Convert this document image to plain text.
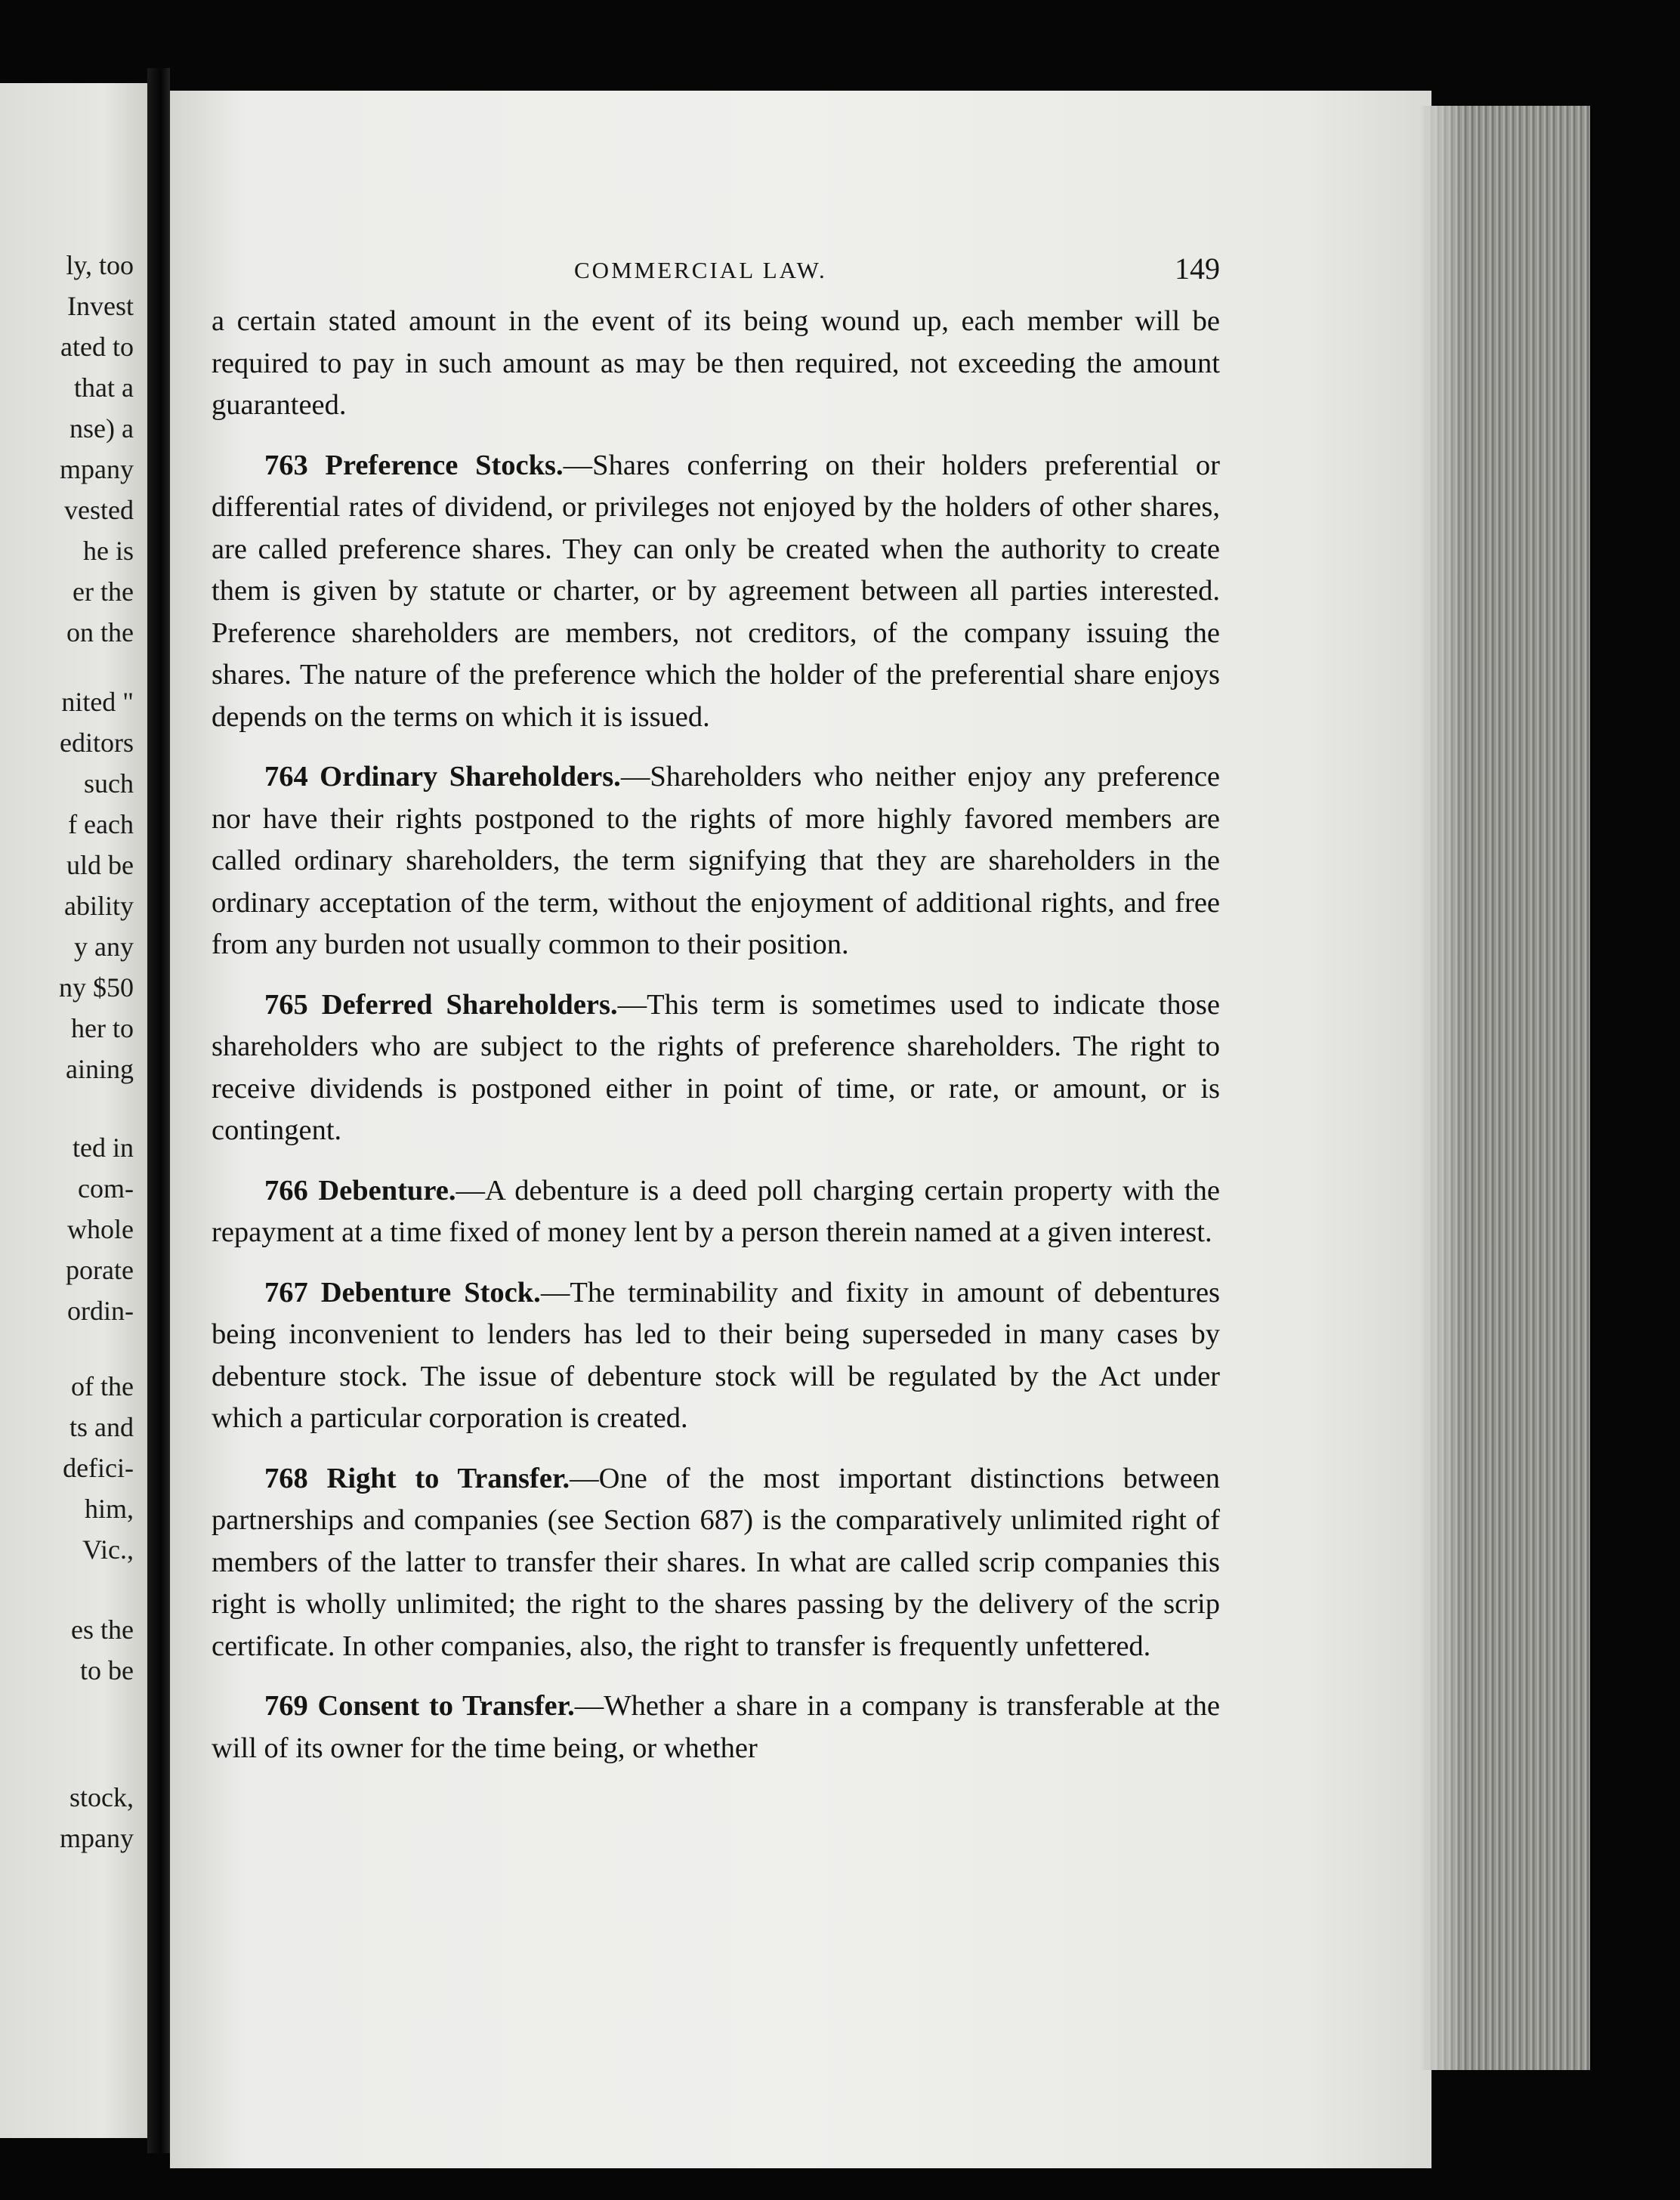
ly, too
Invest
ated to
that a
nse) a
mpany
vested
he is
er the
on the
nited "
editors
such
f each
uld be
ability
y any
ny $50
her to
aining
ted in
com-
whole
porate
ordin-
of the
ts and
defici-
him,
Vic.,
es the
to be
stock,
mpany
COMMERCIAL LAW.	149

a certain stated amount in the event of its being wound up, each member will be required to pay in such amount as may be then required, not exceeding the amount guaranteed.

763 Preference Stocks.—Shares conferring on their holders preferential or differential rates of dividend, or privileges not enjoyed by the holders of other shares, are called preference shares. They can only be created when the authority to create them is given by statute or charter, or by agreement between all parties interested. Preference shareholders are members, not creditors, of the company issuing the shares. The nature of the preference which the holder of the preferential share enjoys depends on the terms on which it is issued.

764 Ordinary Shareholders.—Shareholders who neither enjoy any preference nor have their rights postponed to the rights of more highly favored members are called ordinary shareholders, the term signifying that they are shareholders in the ordinary acceptation of the term, without the enjoyment of additional rights, and free from any burden not usually common to their position.

765 Deferred Shareholders.—This term is sometimes used to indicate those shareholders who are subject to the rights of preference shareholders. The right to receive dividends is postponed either in point of time, or rate, or amount, or is contingent.

766 Debenture.—A debenture is a deed poll charging certain property with the repayment at a time fixed of money lent by a person therein named at a given interest.

767 Debenture Stock.—The terminability and fixity in amount of debentures being inconvenient to lenders has led to their being superseded in many cases by debenture stock. The issue of debenture stock will be regulated by the Act under which a particular corporation is created.

768 Right to Transfer.—One of the most important distinctions between partnerships and companies (see Section 687) is the comparatively unlimited right of members of the latter to transfer their shares. In what are called scrip companies this right is wholly unlimited; the right to the shares passing by the delivery of the scrip certificate. In other companies, also, the right to transfer is frequently unfettered.

769 Consent to Transfer.—Whether a share in a company is transferable at the will of its owner for the time being, or whether
